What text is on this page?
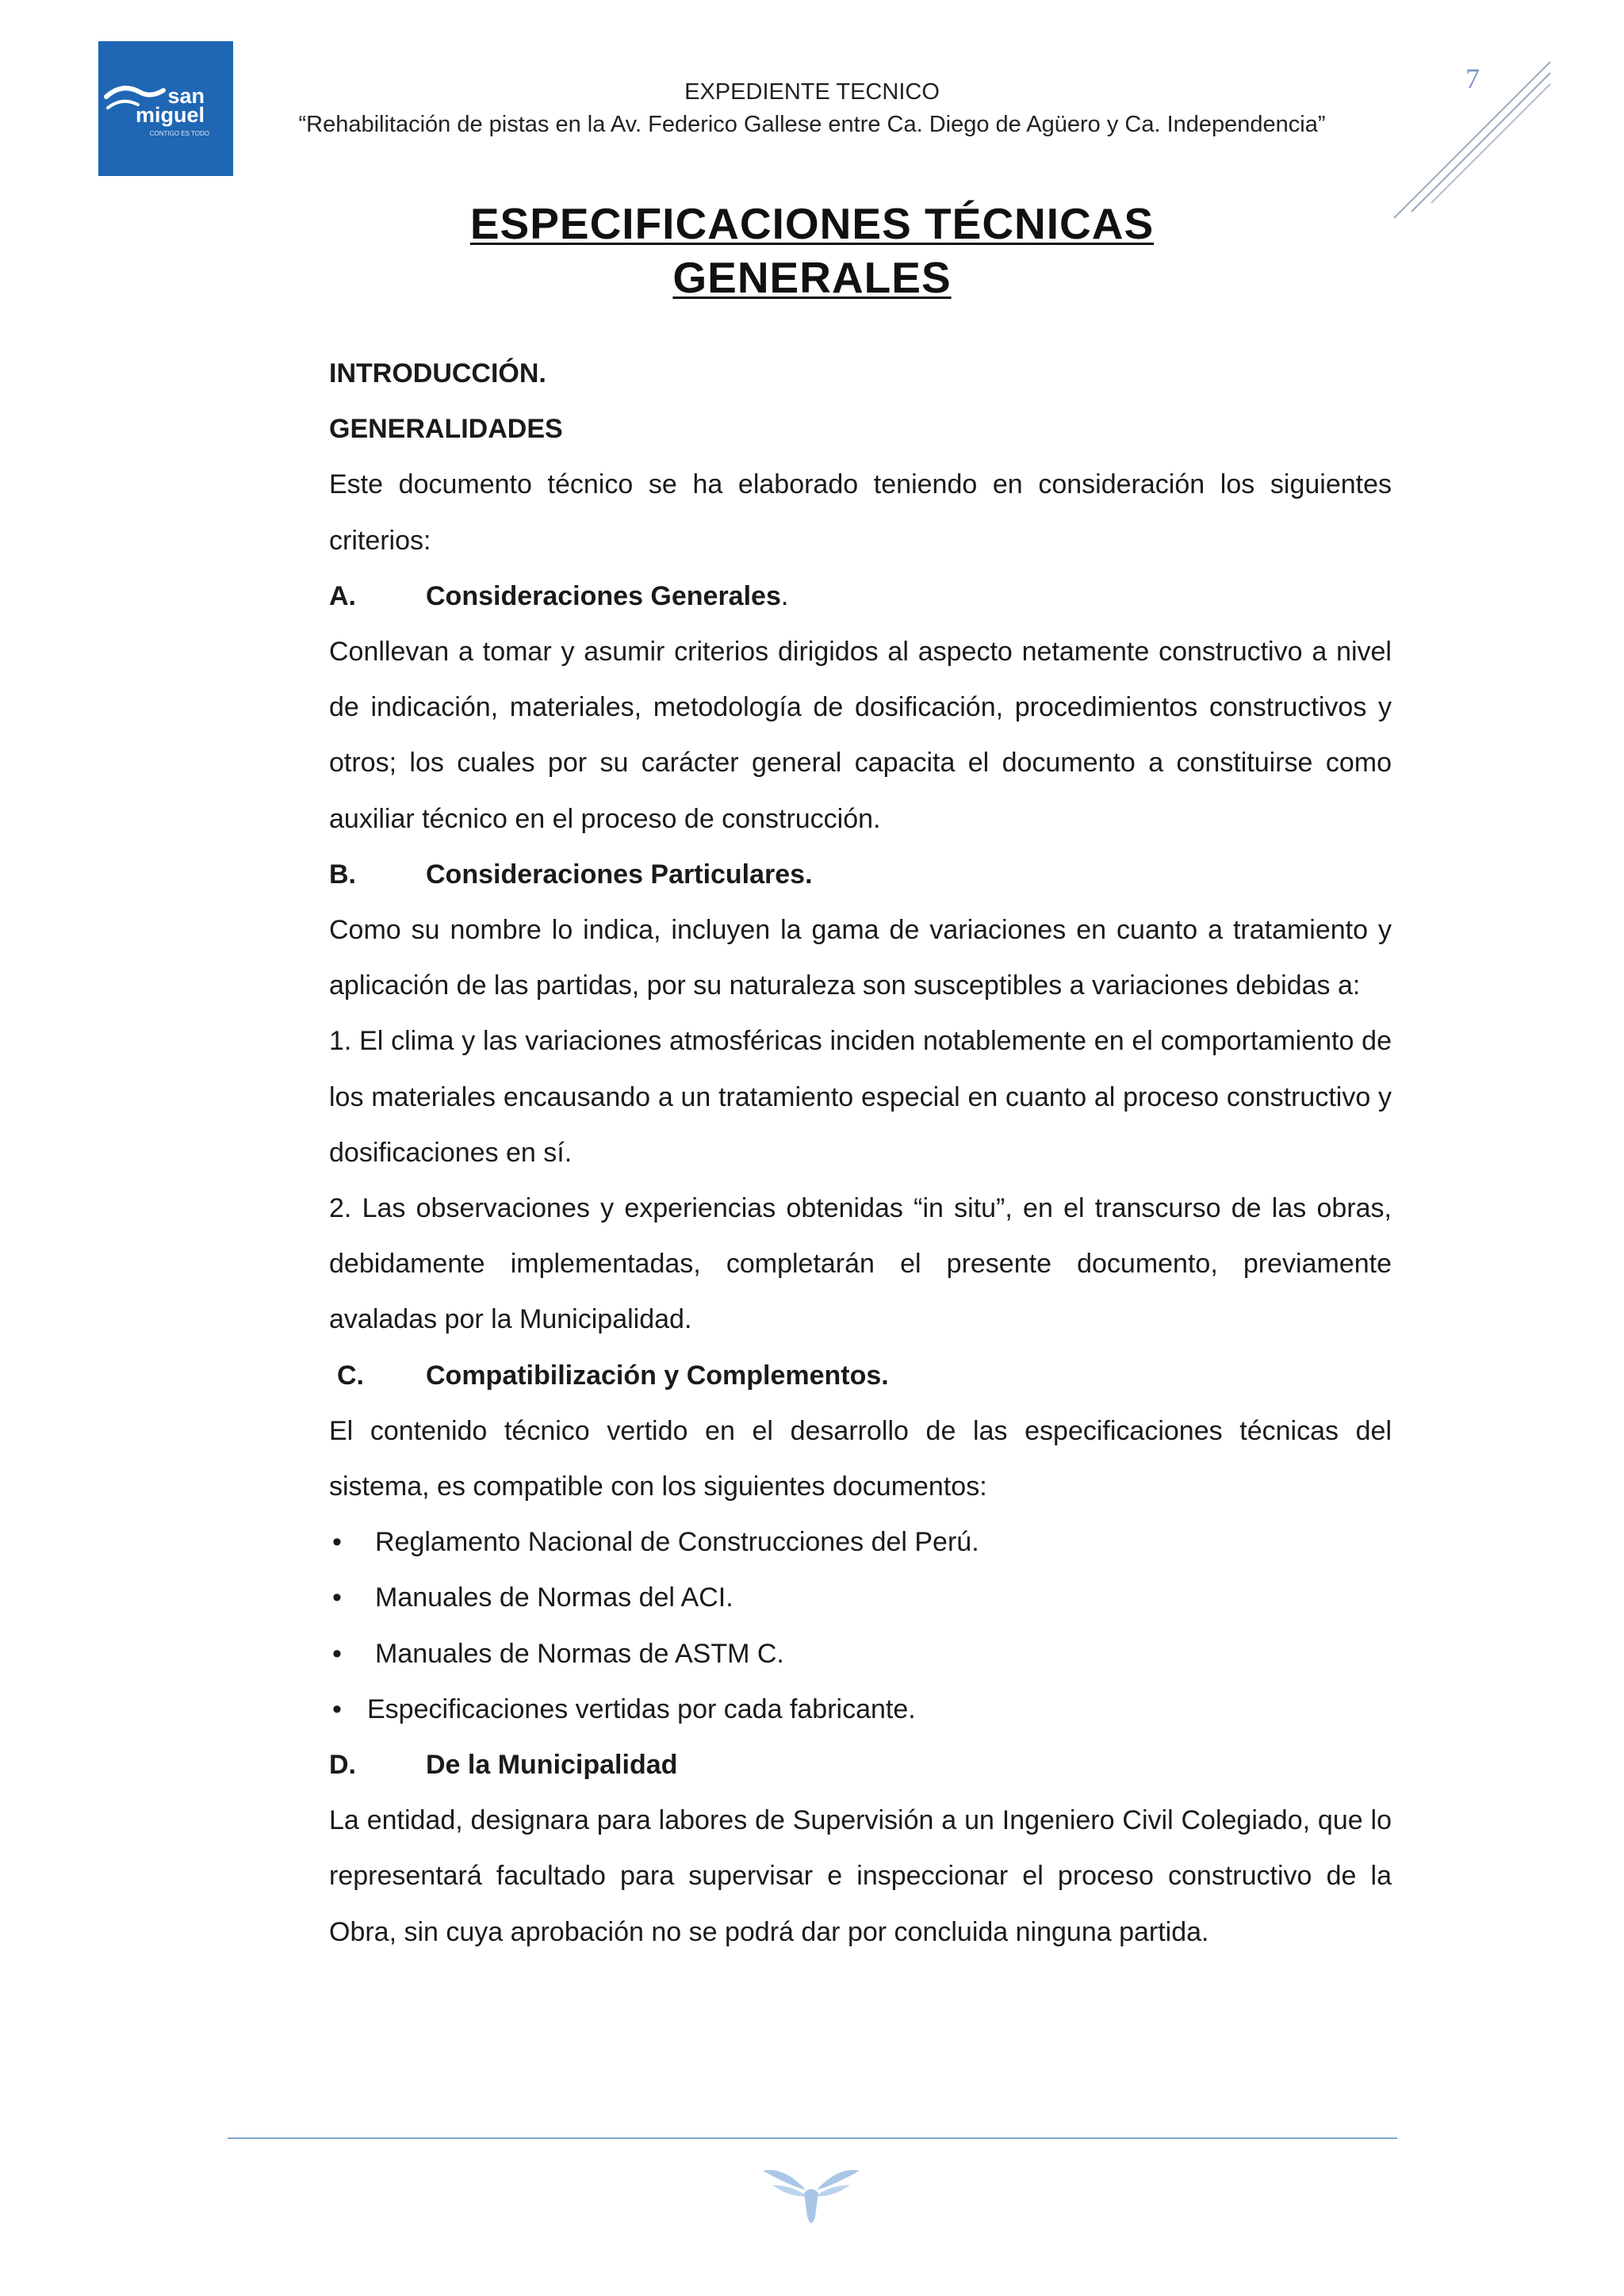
san
miguel
CONTIGO ES TODO
EXPEDIENTE TECNICO
“Rehabilitación de pistas en la Av. Federico Gallese entre Ca. Diego de Agüero y Ca. Independencia”
7
ESPECIFICACIONES TÉCNICAS
GENERALES

INTRODUCCIÓN.

GENERALIDADES

Este documento técnico se ha elaborado teniendo en consideración los siguientes

criterios:

A.	Consideraciones Generales.

Conllevan a tomar y asumir criterios dirigidos al aspecto netamente constructivo a nivel de indicación, materiales, metodología de dosificación, procedimientos constructivos y otros; los cuales por su carácter general capacita el documento a constituirse como auxiliar técnico en el proceso de construcción.

B.	Consideraciones Particulares.

Como su nombre lo indica, incluyen la gama de variaciones en cuanto a tratamiento y aplicación de las partidas, por su naturaleza son susceptibles a variaciones debidas a:

1. El clima y las variaciones atmosféricas inciden notablemente en el comportamiento de los materiales encausando a un tratamiento especial en cuanto al proceso constructivo y dosificaciones en sí.

2. Las observaciones y experiencias obtenidas “in situ”, en el transcurso de las obras, debidamente implementadas, completarán el presente documento, previamente avaladas por la Municipalidad.

C. Compatibilización y Complementos.

El contenido técnico vertido en el desarrollo de las especificaciones técnicas del sistema, es compatible con los siguientes documentos:

• Reglamento Nacional de Construcciones del Perú.

• Manuales de Normas del ACI.

• Manuales de Normas de ASTM C.

• Especificaciones vertidas por cada fabricante.

D.	De la Municipalidad

La entidad, designara para labores de Supervisión a un Ingeniero Civil Colegiado, que lo representará facultado para supervisar e inspeccionar el proceso constructivo de la Obra, sin cuya aprobación no se podrá dar por concluida ninguna partida.
